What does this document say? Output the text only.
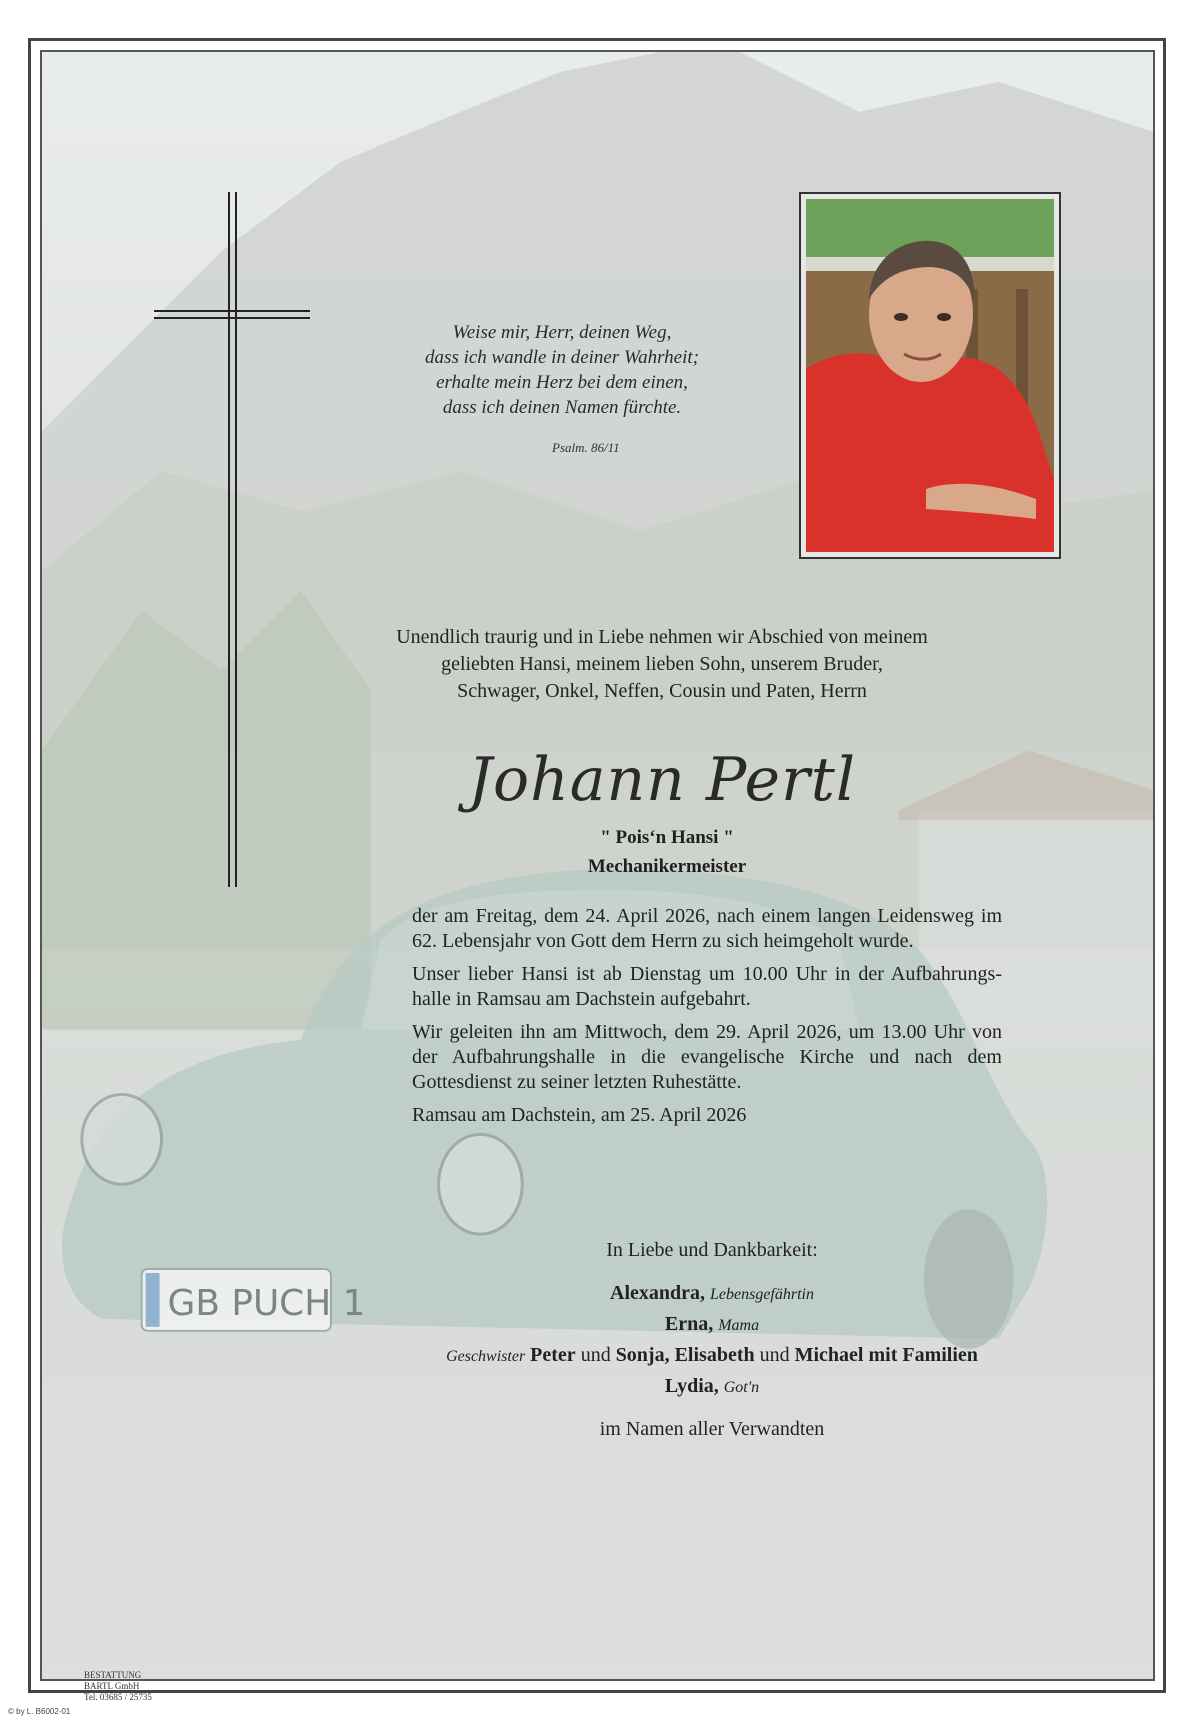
GB PUCH 1
Weise mir, Herr, deinen Weg,
dass ich wandle in deiner Wahrheit;
erhalte mein Herz bei dem einen,
dass ich deinen Namen fürchte.
Psalm. 86/11
Unendlich traurig und in Liebe nehmen wir Abschied von meinem
geliebten Hansi, meinem lieben Sohn, unserem Bruder,
Schwager, Onkel, Neffen, Cousin und Paten, Herrn
Johann Pertl
" Pois‘n Hansi "
Mechanikermeister

der am Freitag, dem 24. April 2026, nach einem langen Leidensweg im 62. Lebensjahr von Gott dem Herrn zu sich heimgeholt wurde.

Unser lieber Hansi ist ab Dienstag um 10.00 Uhr in der Aufbahrungs-halle in Ramsau am Dachstein aufgebahrt.

Wir geleiten ihn am Mittwoch, dem 29. April 2026, um 13.00 Uhr von der Aufbahrungshalle in die evangelische Kirche und nach dem Gottesdienst zu seiner letzten Ruhestätte.

Ramsau am Dachstein, am 25. April 2026

In Liebe und Dankbarkeit:
Alexandra, Lebensgefährtin
Erna, Mama
Geschwister Peter und Sonja, Elisabeth und Michael mit Familien
Lydia, Got'n
im Namen aller Verwandten
BESTATTUNG
BARTL GmbH
Tel. 03685 / 25735
© by L. B6002-01
